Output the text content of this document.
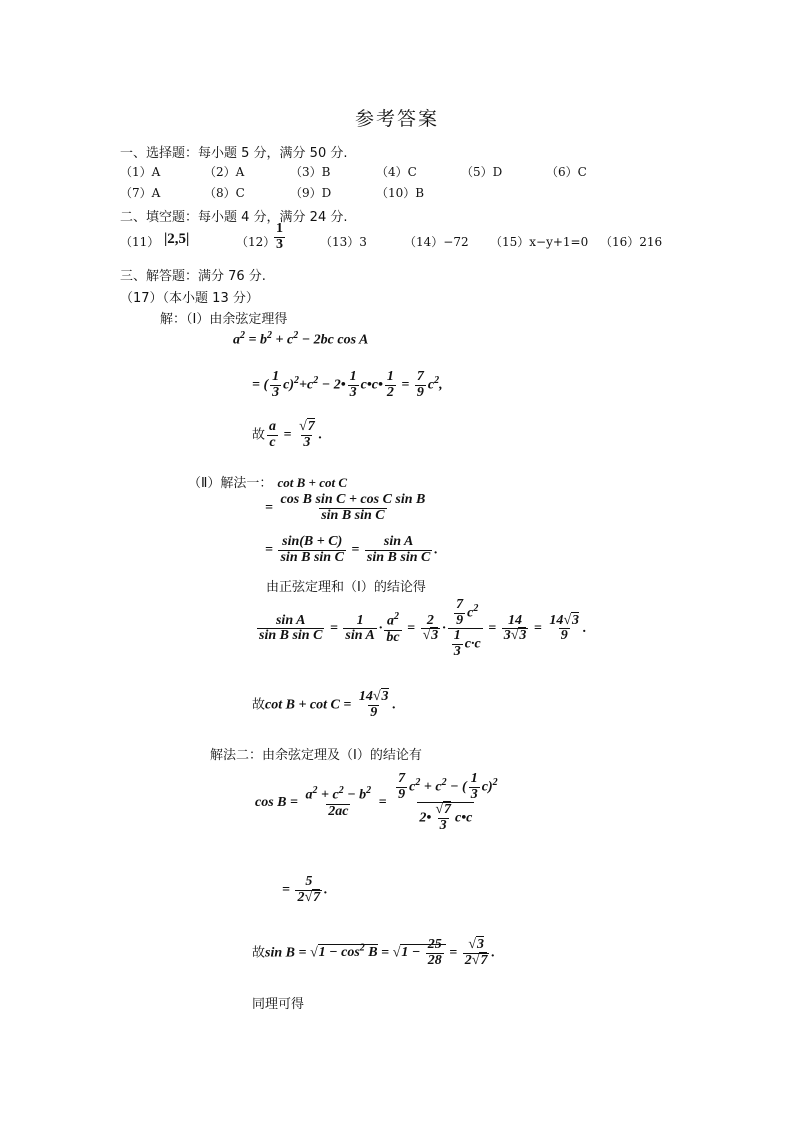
参考答案
一、选择题：每小题 5 分，满分 50 分.
（1）A	（2）A	（3）B	（4）C	（5）D	（6）C
（7）A	（8）C	（9）D	（10）B
二、填空题：每小题 4 分，满分 24 分.
（11） |2,5|	（12）
$\frac{1}{3}$	（13）3	（14）−72 （15）x−y+1=0 （16）216
三、解答题：满分 76 分.
（17）（本小题 13 分）
解：（Ⅰ）由余弦定理得
$a^2 = b^2 + c^2 - 2bc$ cos A
= ( $\frac{1}{3} c)^2+c^2$ − 2• $\frac{1}{3}$ c•c• $\frac{1}{2} = \frac{7}{9} c^2$,
故 $\frac{a}{c} = \frac{√7}{3}$ .
（Ⅱ）解法一： cot B + cot C
= $\frac{\text{cos B sin C + cos C sin B}}{\text{sin B sin C}}$
= $\frac{\sin(B + C)}{\text{sin B sin C}} = \frac{\text{sin A}}{\text{sin B sin C}}$ .
由正弦定理和（Ⅰ）的结论得
$\frac{\text{sin A}}{\text{sin B sin C}} = \frac{1}{\text{sin A}} \cdot \frac{a^2}{bc} = \frac{2}{√3} \cdot \frac{\frac{7}{9} c^2}{\frac{1}{3} c\cdot c} = \frac{14}{3√3} = \frac{14√3}{9}$ .
故$\cot B + \cot C = \frac{14√3}{9}$ .
解法二：由余弦定理及（Ⅰ）的结论有
$\cos B = \frac{a^2 + c^2 - b^2}{2ac} = \frac{\frac{7}{9} c^2 + c^2 - ( \frac{1}{3} c)^2}{2• \frac{√7}{3} c•c}$
= $\frac{5}{2√7}$ .
故$\sin B = √1 - \cos^2 B = √1 - \frac{25}{28} = \frac{√3}{2√7}$ .
同理可得
